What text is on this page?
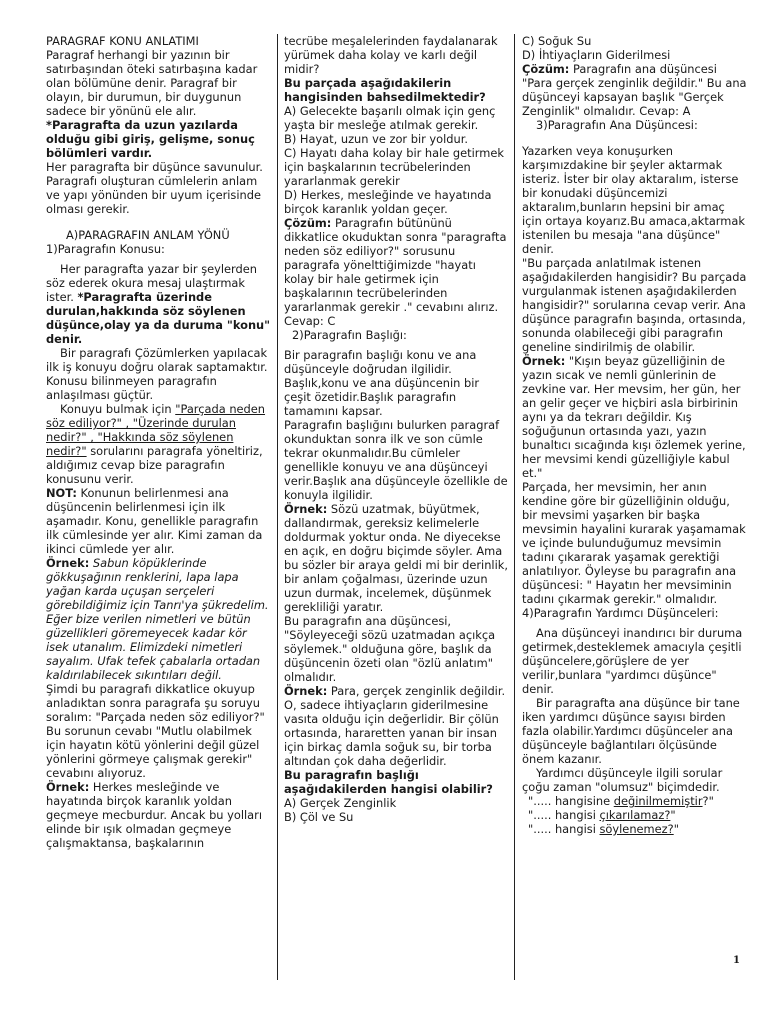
PARAGRAF KONU ANLATIMI

Paragraf herhangi bir yazının bir satırbaşından öteki satırbaşına kadar olan bölümüne denir. Paragraf bir olayın, bir durumun, bir duygunun sadece bir yönünü ele alır.

*Paragrafta da uzun yazılarda olduğu gibi giriş, gelişme, sonuç bölümleri vardır.

Her paragrafta bir düşünce savunulur. Paragrafı oluşturan cümlelerin anlam ve yapı yönünden bir uyum içerisinde olması gerekir.

A)PARAGRAFIN ANLAM YÖNÜ

1)Paragrafın Konusu:

Her paragrafta yazar bir şeylerden söz ederek okura mesaj ulaştırmak ister. *Paragrafta üzerinde durulan,hakkında söz söylenen düşünce,olay ya da duruma "konu" denir.

Bir paragrafı Çözümlerken yapılacak ilk iş konuyu doğru olarak saptamaktır. Konusu bilinmeyen paragrafın anlaşılması güçtür.

Konuyu bulmak için "Parçada neden söz ediliyor?" , "Üzerinde durulan nedir?" , "Hakkında söz söylenen nedir?" sorularını paragrafa yöneltiriz, aldığımız cevap bize paragrafın konusunu verir.

NOT: Konunun belirlenmesi ana düşüncenin belirlenmesi için ilk aşamadır. Konu, genellikle paragrafın ilk cümlesinde yer alır. Kimi zaman da ikinci cümlede yer alır.

Örnek: Sabun köpüklerinde gökkuşağının renklerini, lapa lapa yağan karda uçuşan serçeleri görebildiğimiz için Tanrı'ya şükredelim. Eğer bize verilen nimetleri ve bütün güzellikleri göremeyecek kadar kör isek utanalım. Elimizdeki nimetleri sayalım. Ufak tefek çabalarla ortadan kaldırılabilecek sıkıntıları değil.

Şimdi bu paragrafı dikkatlice okuyup anladıktan sonra paragrafa şu soruyu soralım: "Parçada neden söz ediliyor?" Bu sorunun cevabı "Mutlu olabilmek için hayatın kötü yönlerini değil güzel yönlerini görmeye çalışmak gerekir" cevabını alıyoruz.

Örnek: Herkes mesleğinde ve hayatında birçok karanlık yoldan geçmeye mecburdur. Ancak bu yolları elinde bir ışık olmadan geçmeye çalışmaktansa, başkalarının

tecrübe meşalelerinden faydalanarak yürümek daha kolay ve karlı değil midir?

Bu parçada aşağıdakilerin hangisinden bahsedilmektedir?

A) Gelecekte başarılı olmak için genç yaşta bir mesleğe atılmak gerekir.

B) Hayat, uzun ve zor bir yoldur.

C) Hayatı daha kolay bir hale getirmek için başkalarının tecrübelerinden yararlanmak gerekir

D) Herkes, mesleğinde ve hayatında birçok karanlık yoldan geçer.

Çözüm: Paragrafın bütününü dikkatlice okuduktan sonra "paragrafta neden söz ediliyor?" sorusunu paragrafa yönelttiğimizde "hayatı kolay bir hale getirmek için başkalarının tecrübelerinden yararlanmak gerekir ." cevabını alırız. Cevap: C

2)Paragrafın Başlığı:

Bir paragrafın başlığı konu ve ana düşünceyle doğrudan ilgilidir. Başlık,konu ve ana düşüncenin bir çeşit özetidir.Başlık paragrafın tamamını kapsar.

Paragrafın başlığını bulurken paragraf okunduktan sonra ilk ve son cümle tekrar okunmalıdır.Bu cümleler genellikle konuyu ve ana düşünceyi verir.Başlık ana düşünceyle özellikle de konuyla ilgilidir.

Örnek: Sözü uzatmak, büyütmek, dallandırmak, gereksiz kelimelerle doldurmak yoktur onda. Ne diyecekse en açık, en doğru biçimde söyler. Ama bu sözler bir araya geldi mi bir derinlik, bir anlam çoğalması, üzerinde uzun uzun durmak, incelemek, düşünmek gerekliliği yaratır.

Bu paragrafın ana düşüncesi, "Söyleyeceği sözü uzatmadan açıkça söylemek." olduğuna göre, başlık da düşüncenin özeti olan "özlü anlatım" olmalıdır.

Örnek: Para, gerçek zenginlik değildir. O, sadece ihtiyaçların giderilmesine vasıta olduğu için değerlidir. Bir çölün ortasında, hararetten yanan bir insan için birkaç damla soğuk su, bir torba altından çok daha değerlidir.

Bu paragrafın başlığı aşağıdakilerden hangisi olabilir?

A) Gerçek Zenginlik

B) Çöl ve Su

C) Soğuk Su

D) İhtiyaçların Giderilmesi

Çözüm: Paragrafın ana düşüncesi "Para gerçek zenginlik değildir." Bu ana düşünceyi kapsayan başlık "Gerçek Zenginlik" olmalıdır. Cevap: A

3)Paragrafın Ana Düşüncesi:

Yazarken veya konuşurken karşımızdakine bir şeyler aktarmak isteriz. İster bir olay aktaralım, isterse bir konudaki düşüncemizi aktaralım,bunların hepsini bir amaç için ortaya koyarız.Bu amaca,aktarmak istenilen bu mesaja "ana düşünce" denir.

"Bu parçada anlatılmak istenen aşağıdakilerden hangisidir? Bu parçada vurgulanmak istenen aşağıdakilerden hangisidir?" sorularına cevap verir. Ana düşünce paragrafın başında, ortasında, sonunda olabileceği gibi paragrafın geneline sindirilmiş de olabilir.

Örnek: "Kışın beyaz güzelliğinin de yazın sıcak ve nemli günlerinin de zevkine var. Her mevsim, her gün, her an gelir geçer ve hiçbiri asla birbirinin aynı ya da tekrarı değildir. Kış soğuğunun ortasında yazı, yazın bunaltıcı sıcağında kışı özlemek yerine, her mevsimi kendi güzelliğiyle kabul et."

Parçada, her mevsimin, her anın kendine göre bir güzelliğinin olduğu, bir mevsimi yaşarken bir başka mevsimin hayalini kurarak yaşamamak ve içinde bulunduğumuz mevsimin tadını çıkararak yaşamak gerektiği anlatılıyor. Öyleyse bu paragrafın ana düşüncesi: " Hayatın her mevsiminin tadını çıkarmak gerekir." olmalıdır.

4)Paragrafın Yardımcı Düşünceleri:

Ana düşünceyi inandırıcı bir duruma getirmek,desteklemek amacıyla çeşitli düşüncelere,görüşlere de yer verilir,bunlara "yardımcı düşünce" denir.

Bir paragrafta ana düşünce bir tane iken yardımcı düşünce sayısı birden fazla olabilir.Yardımcı düşünceler ana düşünceyle bağlantıları ölçüsünde önem kazanır.

Yardımcı düşünceyle ilgili sorular çoğu zaman "olumsuz" biçimdedir.

"..... hangisine değinilmemiştir?"

"..... hangisi çıkarılamaz?"

"..... hangisi söylenemez?"

1
